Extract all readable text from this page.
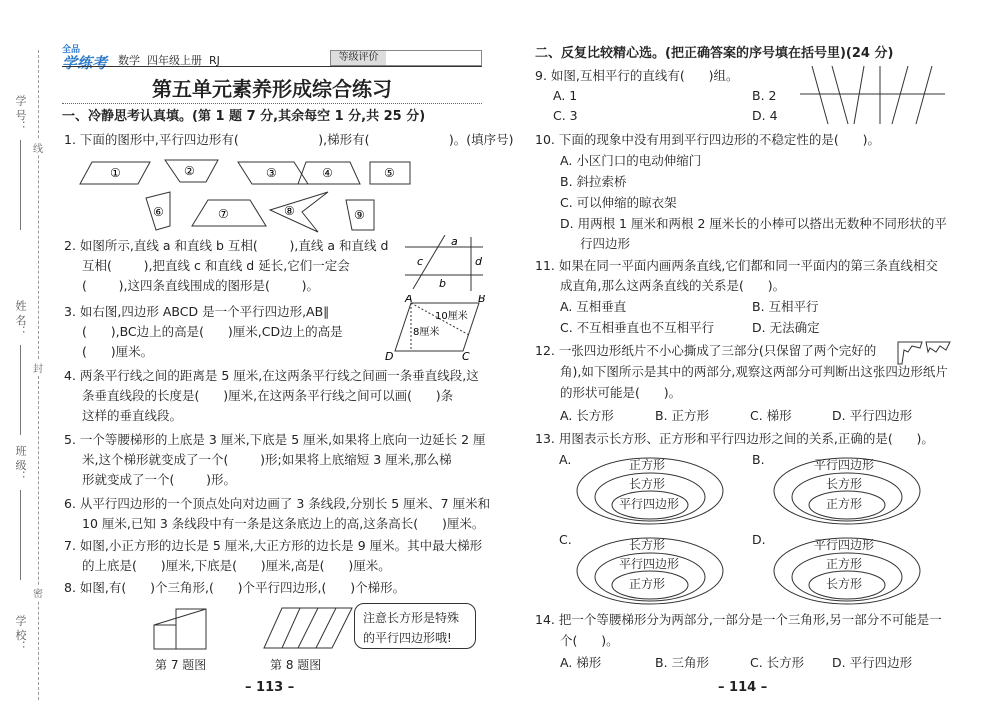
学 号：
姓 名：
班 级：
学 校：
线
封
密
全品
学练考 数学  四年级上册  RJ	等级评价
第五单元素养形成综合练习
一、冷静思考认真填。(第 1 题 7 分,其余每空 1 分,共 25 分)
1. 下面的图形中,平行四边形有(                    ),梯形有(                    )。(填序号)
①	②	③	④	⑤
⑥	⑦	⑧	⑨
2. 如图所示,直线 a 和直线 b 互相(        ),直线 a 和直线 d
互相(        ),把直线 c 和直线 d 延长,它们一定会
(        ),这四条直线围成的图形是(        )。
a
b
c	d
3. 如右图,四边形 ABCD 是一个平行四边形,AB∥
(      ),BC边上的高是(      )厘米,CD边上的高是
(      )厘米。
A	B
C
D
10厘米
8厘米
4. 两条平行线之间的距离是 5 厘米,在这两条平行线之间画一条垂直线段,这
条垂直线段的长度是(      )厘米,在这两条平行线之间可以画(      )条
这样的垂直线段。
5. 一个等腰梯形的上底是 3 厘米,下底是 5 厘米,如果将上底向一边延长 2 厘
米,这个梯形就变成了一个(        )形;如果将上底缩短 3 厘米,那么梯
形就变成了一个(        )形。
6. 从平行四边形的一个顶点处向对边画了 3 条线段,分别长 5 厘米、7 厘米和
10 厘米,已知 3 条线段中有一条是这条底边上的高,这条高长(      )厘米。
7. 如图,小正方形的边长是 5 厘米,大正方形的边长是 9 厘米。其中最大梯形
的上底是(      )厘米,下底是(      )厘米,高是(      )厘米。
8. 如图,有(      )个三角形,(      )个平行四边形,(      )个梯形。
第 7 题图	第 8 题图
注意长方形是特殊
的平行四边形哦!
– 113 –
二、反复比较精心选。(把正确答案的序号填在括号里)(24 分)
9. 如图,互相平行的直线有(      )组。
A. 1	B. 2
C. 3	D. 4
10. 下面的现象中没有用到平行四边形的不稳定性的是(      )。
A. 小区门口的电动伸缩门
B. 斜拉索桥
C. 可以伸缩的晾衣架
D. 用两根 1 厘米和两根 2 厘米长的小棒可以搭出无数种不同形状的平
行四边形
11. 如果在同一平面内画两条直线,它们都和同一平面内的第三条直线相交
成直角,那么这两条直线的关系是(      )。
A. 互相垂直	B. 互相平行
C. 不互相垂直也不互相平行	D. 无法确定
12. 一张四边形纸片不小心撕成了三部分(只保留了两个完好的
角),如下图所示是其中的两部分,观察这两部分可判断出这张四边形纸片
的形状可能是(      )。
A. 长方形	B. 正方形	C. 梯形	D. 平行四边形
13. 用图表示长方形、正方形和平行四边形之间的关系,正确的是(      )。
A.	正方形
长方形
平行四边形
B.	平行四边形
长方形
正方形
C.	长方形
平行四边形
正方形
D.	平行四边形
正方形
长方形
14. 把一个等腰梯形分为两部分,一部分是一个三角形,另一部分不可能是一
个(      )。
A. 梯形	B. 三角形	C. 长方形 D. 平行四边形
– 114 –
